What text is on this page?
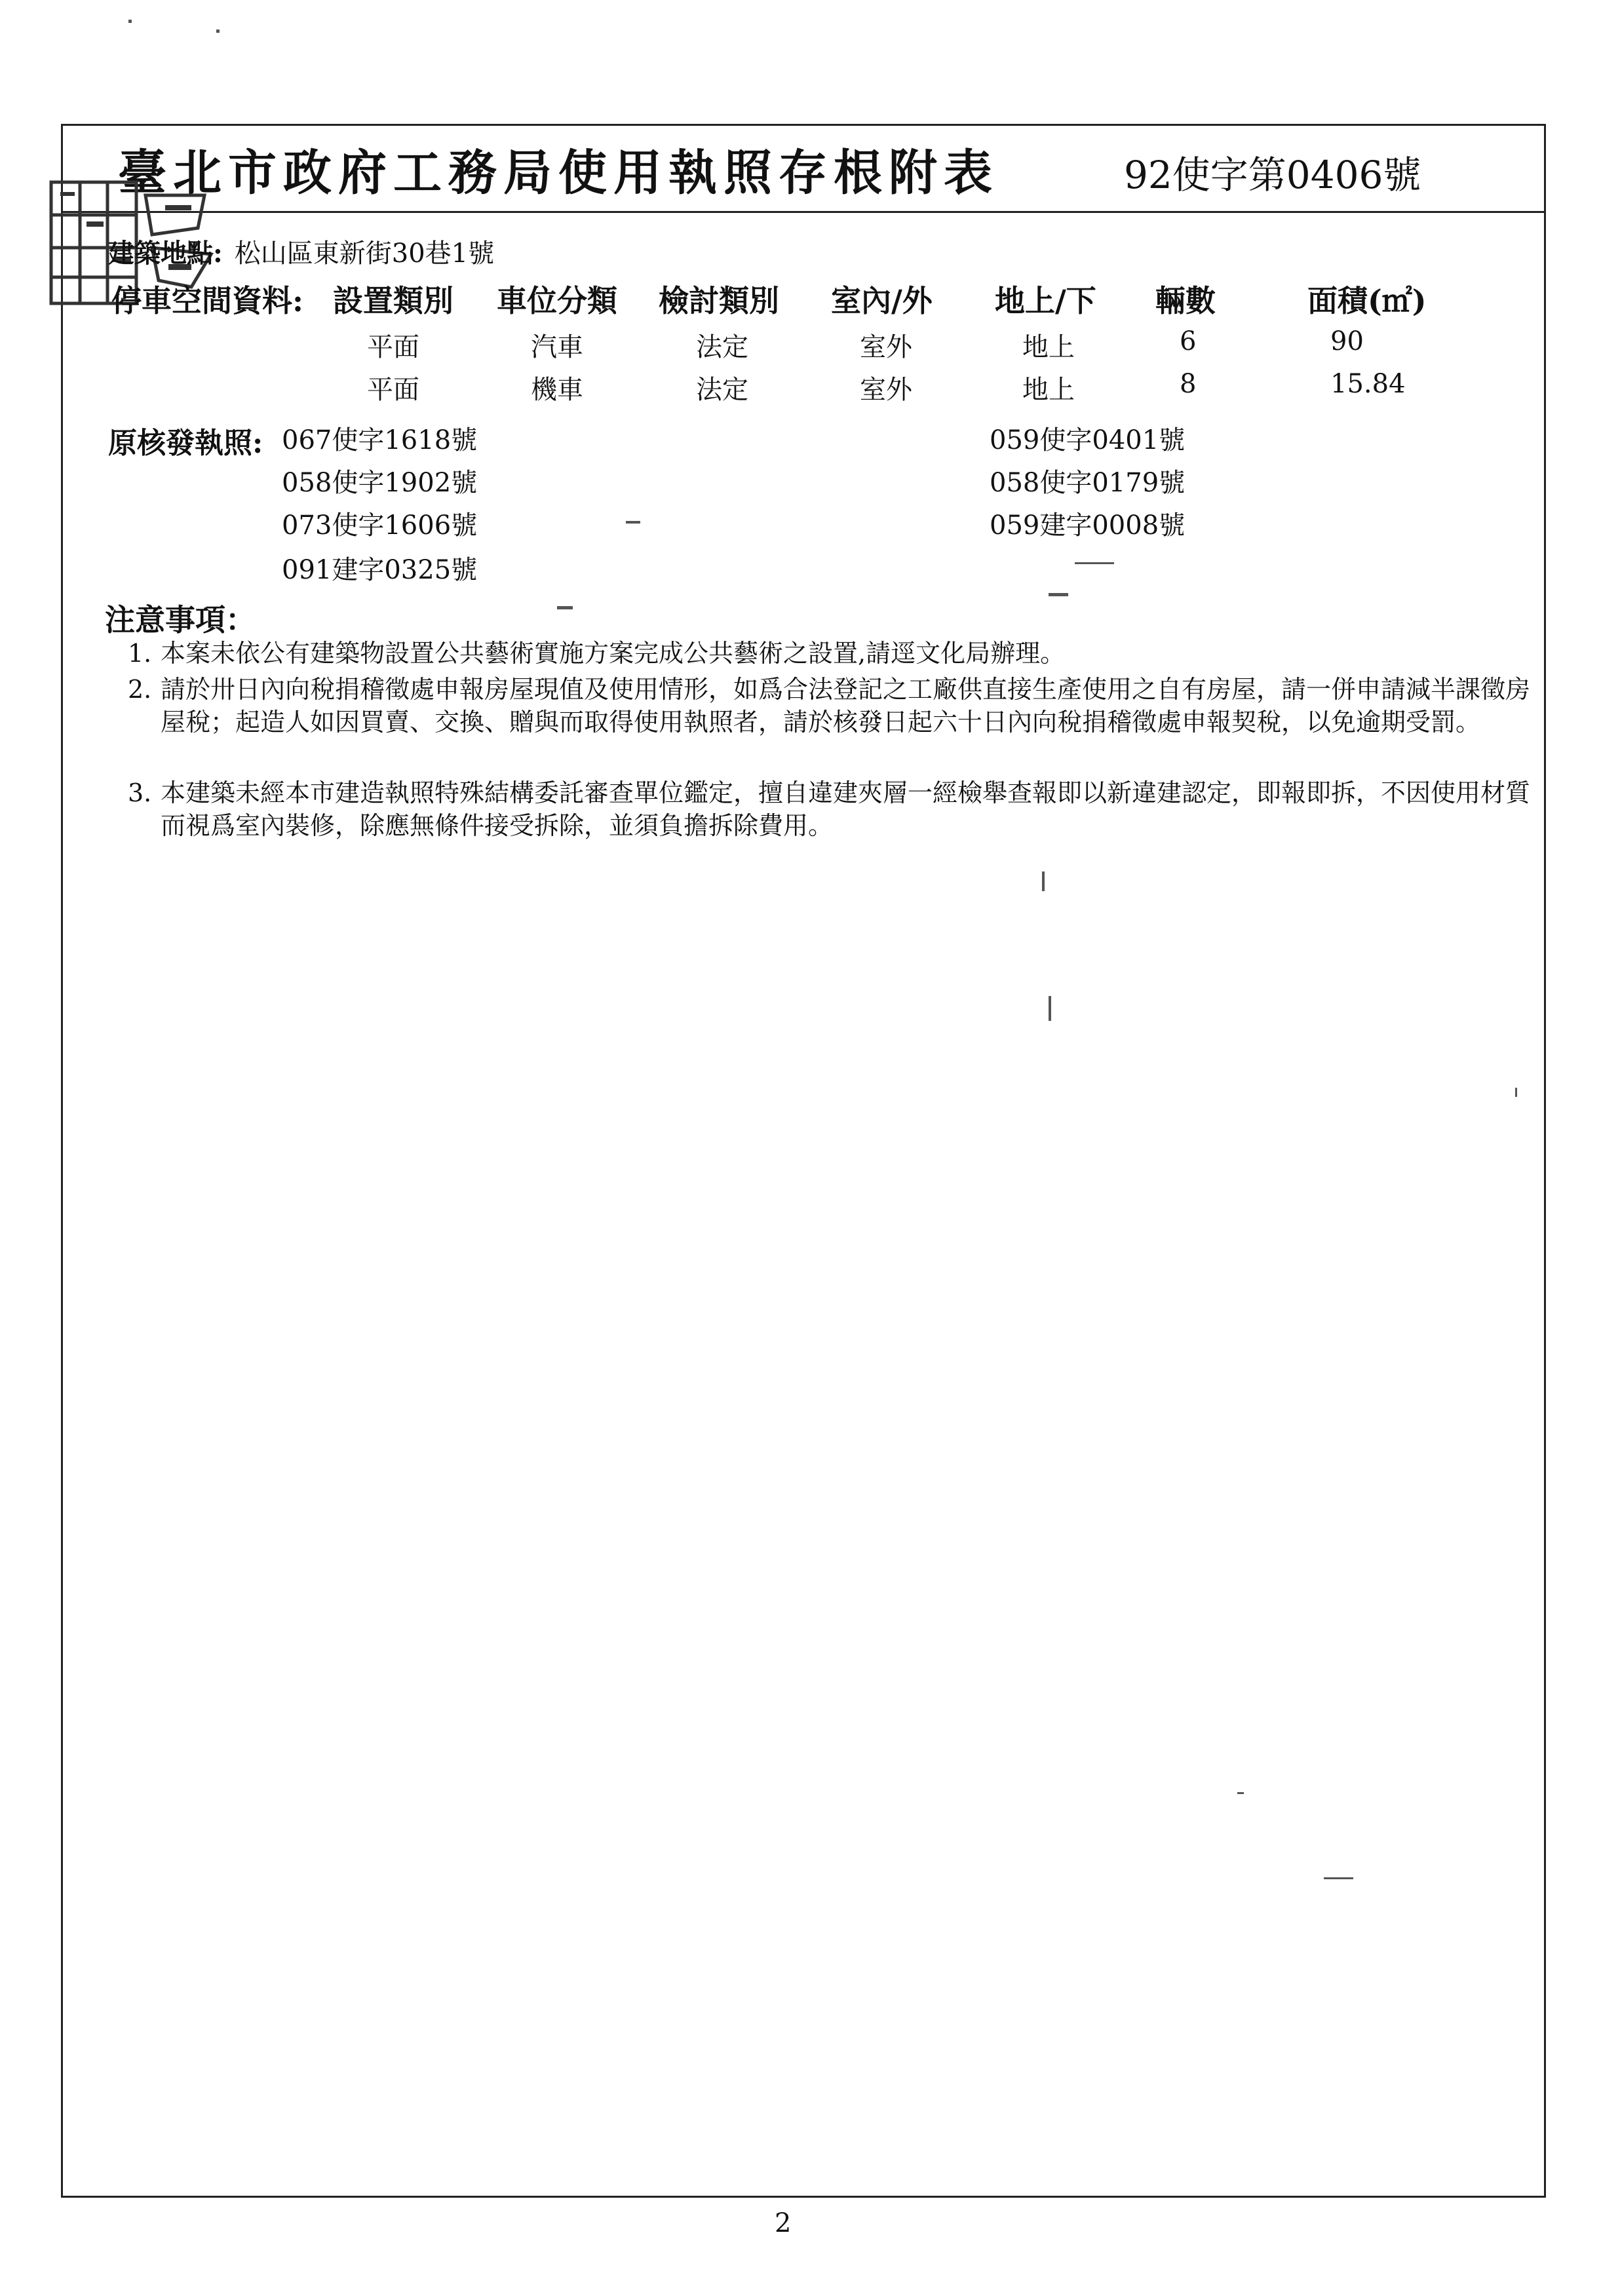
臺北市政府工務局使用執照存根附表	92使字第0406號
建築地點: 松山區東新街30巷1號
停車空間資料: 設置類別 車位分類 檢討類別 室內/外 地上/下 輛數	面積(㎡)
平面	汽車	法定	室外	地上	6	90
平面	機車	法定	室外	地上	8	15.84
原核發執照: 067使字1618號
058使字1902號
073使字1606號
091建字0325號
059使字0401號
058使字0179號
059建字0008號
注意事項：
1. 本案未依公有建築物設置公共藝術實施方案完成公共藝術之設置,請逕文化局辦理。
2. 請於卅日內向稅捐稽徵處申報房屋現值及使用情形，如爲合法登記之工廠供直接生產使用之自有房屋，請一併申請減半課徵房屋稅；起造人如因買賣、交換、贈與而取得使用執照者，請於核發日起六十日內向稅捐稽徵處申報契稅，以免逾期受罰。
3. 本建築未經本市建造執照特殊結構委託審查單位鑑定，擅自違建夾層一經檢舉查報即以新違建認定，即報即拆，不因使用材質而視爲室內裝修，除應無條件接受拆除，並須負擔拆除費用。
2
